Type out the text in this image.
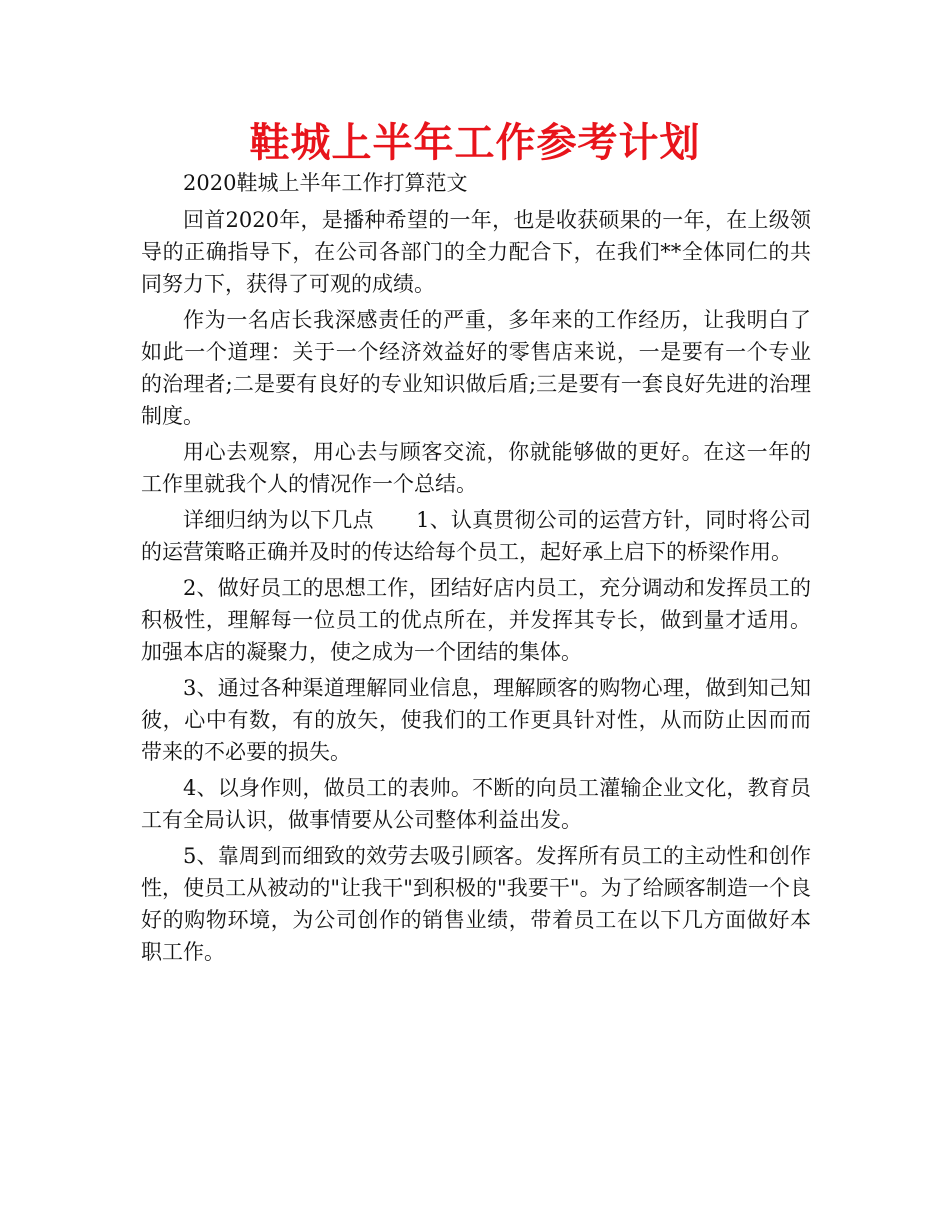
鞋城上半年工作参考计划

2020鞋城上半年工作打算范文

回首2020年，是播种希望的一年，也是收获硕果的一年，在上级领导的正确指导下，在公司各部门的全力配合下，在我们**全体同仁的共同努力下，获得了可观的成绩。

作为一名店长我深感责任的严重，多年来的工作经历，让我明白了如此一个道理：关于一个经济效益好的零售店来说，一是要有一个专业的治理者;二是要有良好的专业知识做后盾;三是要有一套良好先进的治理制度。

用心去观察，用心去与顾客交流，你就能够做的更好。在这一年的工作里就我个人的情况作一个总结。

详细归纳为以下几点　　1、认真贯彻公司的运营方针，同时将公司的运营策略正确并及时的传达给每个员工，起好承上启下的桥梁作用。

2、做好员工的思想工作，团结好店内员工，充分调动和发挥员工的积极性，理解每一位员工的优点所在，并发挥其专长，做到量才适用。加强本店的凝聚力，使之成为一个团结的集体。

3、通过各种渠道理解同业信息，理解顾客的购物心理，做到知己知彼，心中有数，有的放矢，使我们的工作更具针对性，从而防止因而而带来的不必要的损失。

4、以身作则，做员工的表帅。不断的向员工灌输企业文化，教育员工有全局认识，做事情要从公司整体利益出发。

5、靠周到而细致的效劳去吸引顾客。发挥所有员工的主动性和创作性，使员工从被动的"让我干"到积极的"我要干"。为了给顾客制造一个良好的购物环境，为公司创作的销售业绩，带着员工在以下几方面做好本职工作。
